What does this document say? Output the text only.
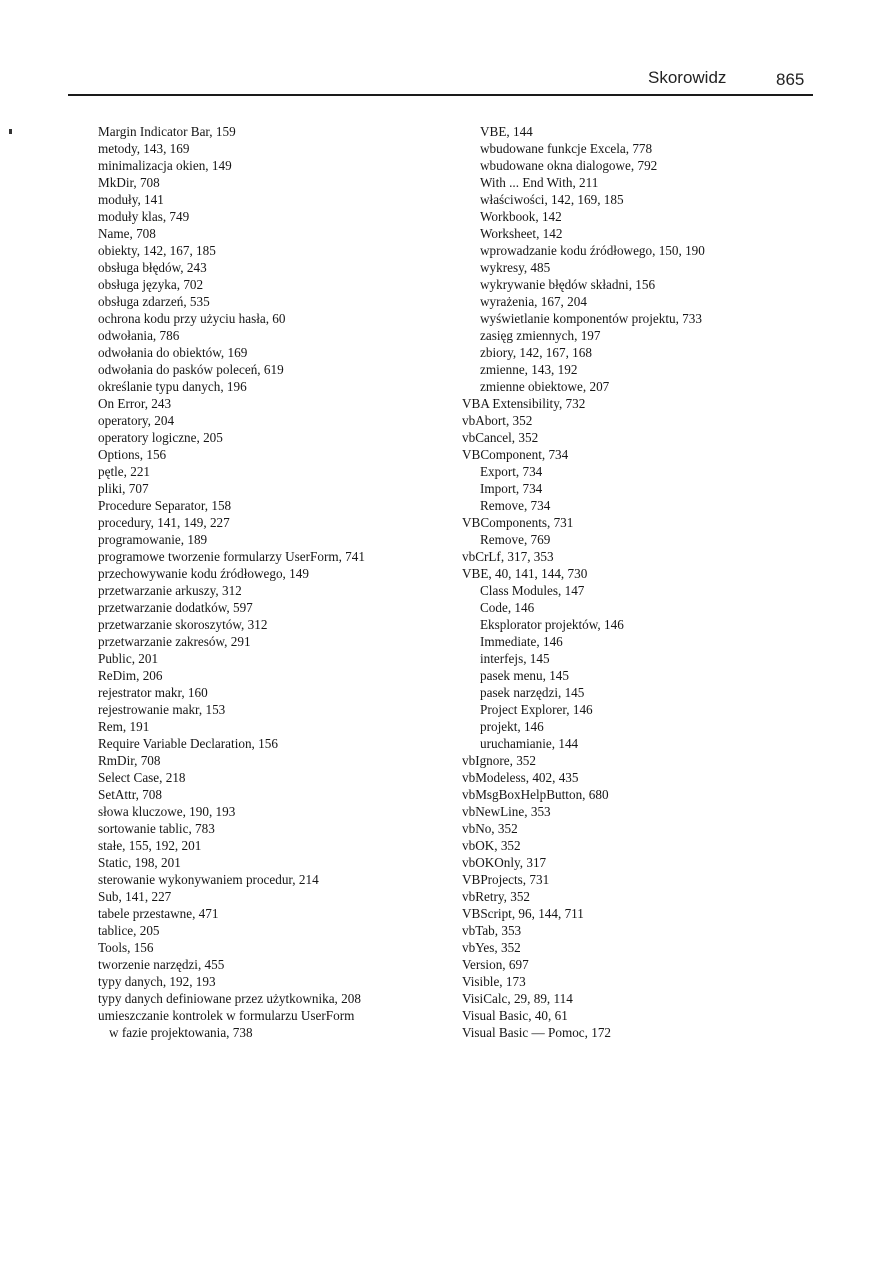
Skorowidz	865
Margin Indicator Bar, 159
metody, 143, 169
minimalizacja okien, 149
MkDir, 708
moduły, 141
moduły klas, 749
Name, 708
obiekty, 142, 167, 185
obsługa błędów, 243
obsługa języka, 702
obsługa zdarzeń, 535
ochrona kodu przy użyciu hasła, 60
odwołania, 786
odwołania do obiektów, 169
odwołania do pasków poleceń, 619
określanie typu danych, 196
On Error, 243
operatory, 204
operatory logiczne, 205
Options, 156
pętle, 221
pliki, 707
Procedure Separator, 158
procedury, 141, 149, 227
programowanie, 189
programowe tworzenie formularzy UserForm, 741
przechowywanie kodu źródłowego, 149
przetwarzanie arkuszy, 312
przetwarzanie dodatków, 597
przetwarzanie skoroszytów, 312
przetwarzanie zakresów, 291
Public, 201
ReDim, 206
rejestrator makr, 160
rejestrowanie makr, 153
Rem, 191
Require Variable Declaration, 156
RmDir, 708
Select Case, 218
SetAttr, 708
słowa kluczowe, 190, 193
sortowanie tablic, 783
stałe, 155, 192, 201
Static, 198, 201
sterowanie wykonywaniem procedur, 214
Sub, 141, 227
tabele przestawne, 471
tablice, 205
Tools, 156
tworzenie narzędzi, 455
typy danych, 192, 193
typy danych definiowane przez użytkownika, 208
umieszczanie kontrolek w formularzu UserForm
w fazie projektowania, 738
VBE, 144
wbudowane funkcje Excela, 778
wbudowane okna dialogowe, 792
With ... End With, 211
właściwości, 142, 169, 185
Workbook, 142
Worksheet, 142
wprowadzanie kodu źródłowego, 150, 190
wykresy, 485
wykrywanie błędów składni, 156
wyrażenia, 167, 204
wyświetlanie komponentów projektu, 733
zasięg zmiennych, 197
zbiory, 142, 167, 168
zmienne, 143, 192
zmienne obiektowe, 207
VBA Extensibility, 732
vbAbort, 352
vbCancel, 352
VBComponent, 734
Export, 734
Import, 734
Remove, 734
VBComponents, 731
Remove, 769
vbCrLf, 317, 353
VBE, 40, 141, 144, 730
Class Modules, 147
Code, 146
Eksplorator projektów, 146
Immediate, 146
interfejs, 145
pasek menu, 145
pasek narzędzi, 145
Project Explorer, 146
projekt, 146
uruchamianie, 144
vbIgnore, 352
vbModeless, 402, 435
vbMsgBoxHelpButton, 680
vbNewLine, 353
vbNo, 352
vbOK, 352
vbOKOnly, 317
VBProjects, 731
vbRetry, 352
VBScript, 96, 144, 711
vbTab, 353
vbYes, 352
Version, 697
Visible, 173
VisiCalc, 29, 89, 114
Visual Basic, 40, 61
Visual Basic — Pomoc, 172
